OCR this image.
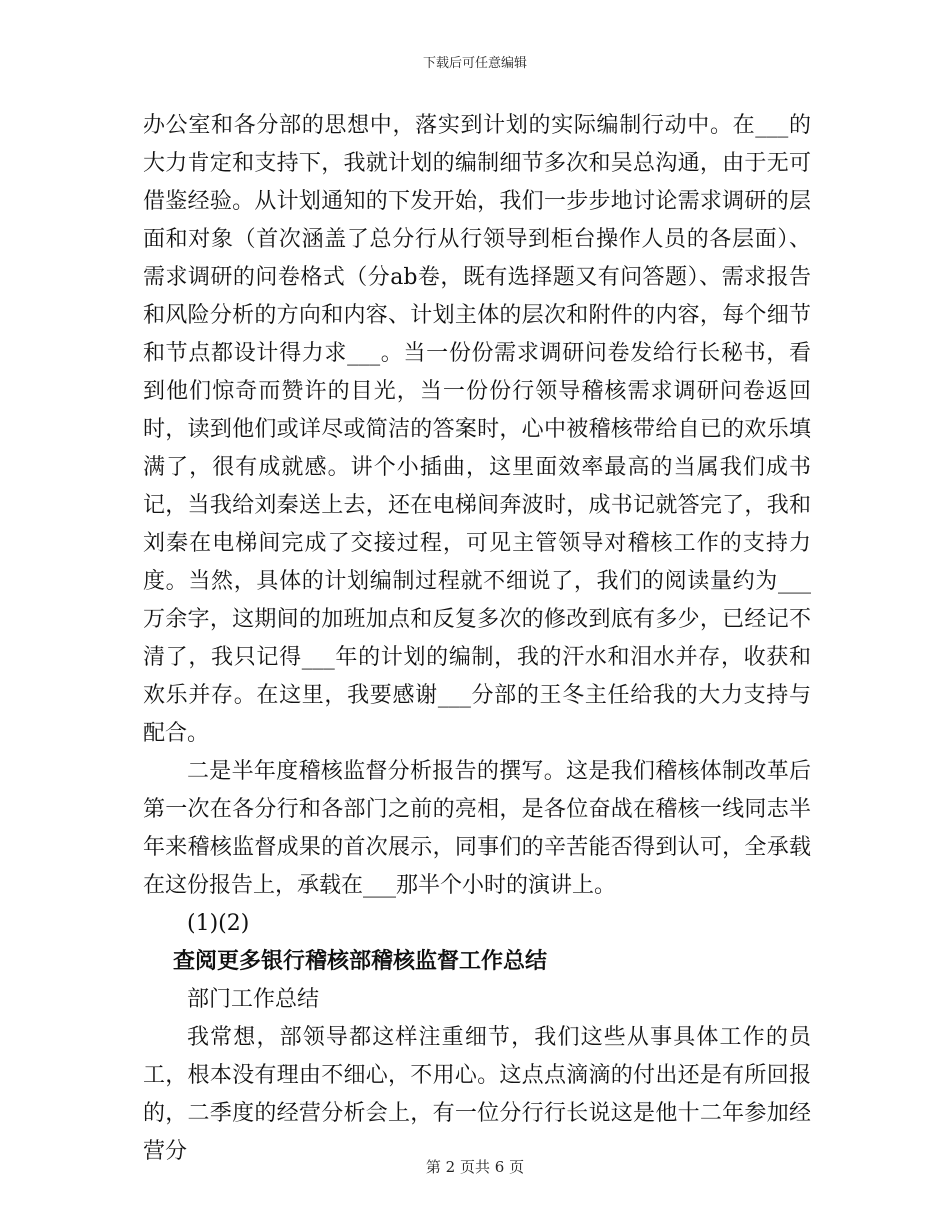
下载后可任意编辑

办公室和各分部的思想中，落实到计划的实际编制行动中。在___的大力肯定和支持下，我就计划的编制细节多次和吴总沟通，由于无可借鉴经验。从计划通知的下发开始，我们一步步地讨论需求调研的层面和对象（首次涵盖了总分行从行领导到柜台操作人员的各层面）、需求调研的问卷格式（分ab卷，既有选择题又有问答题）、需求报告和风险分析的方向和内容、计划主体的层次和附件的内容，每个细节和节点都设计得力求___。当一份份需求调研问卷发给行长秘书，看到他们惊奇而赞许的目光，当一份份行领导稽核需求调研问卷返回时，读到他们或详尽或简洁的答案时，心中被稽核带给自已的欢乐填满了，很有成就感。讲个小插曲，这里面效率最高的当属我们成书记，当我给刘秦送上去，还在电梯间奔波时，成书记就答完了，我和刘秦在电梯间完成了交接过程，可见主管领导对稽核工作的支持力度。当然，具体的计划编制过程就不细说了，我们的阅读量约为___万余字，这期间的加班加点和反复多次的修改到底有多少，已经记不清了，我只记得___年的计划的编制，我的汗水和泪水并存，收获和欢乐并存。在这里，我要感谢___分部的王冬主任给我的大力支持与配合。

二是半年度稽核监督分析报告的撰写。这是我们稽核体制改革后第一次在各分行和各部门之前的亮相，是各位奋战在稽核一线同志半年来稽核监督成果的首次展示，同事们的辛苦能否得到认可，全承载在这份报告上，承载在___那半个小时的演讲上。

(1)(2)

查阅更多银行稽核部稽核监督工作总结

部门工作总结

我常想，部领导都这样注重细节，我们这些从事具体工作的员工，根本没有理由不细心，不用心。这点点滴滴的付出还是有所回报的，二季度的经营分析会上，有一位分行行长说这是他十二年参加经营分

第 2 页共 6 页
